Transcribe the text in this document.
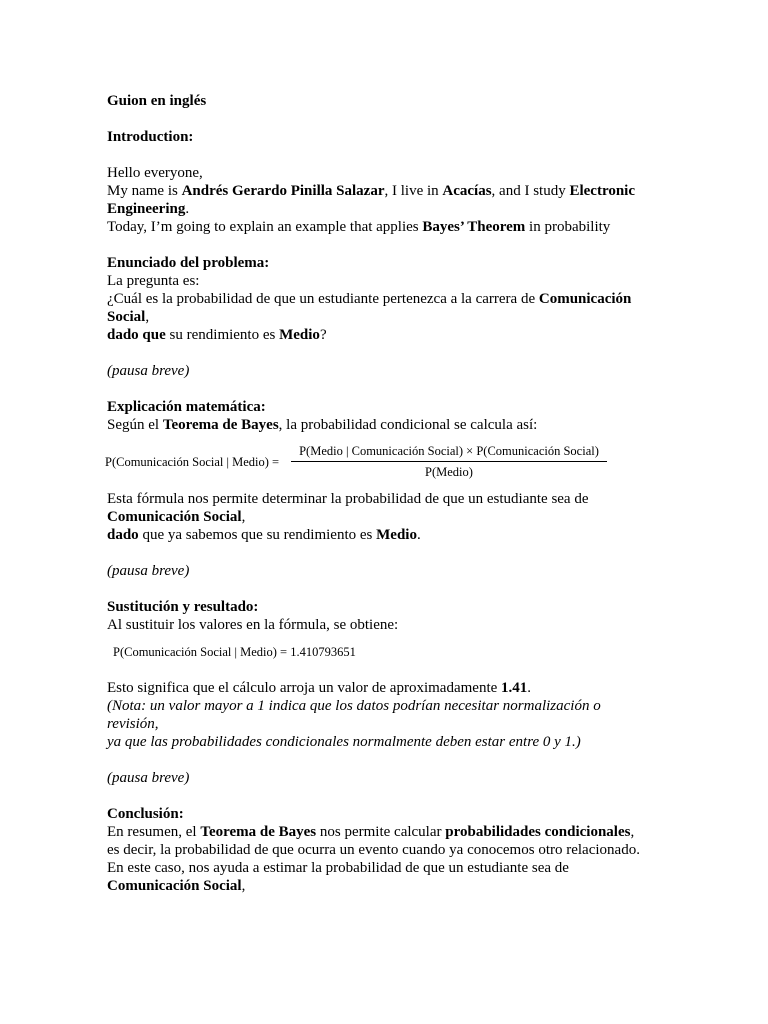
Guion en inglés
Introduction:
Hello everyone,
My name is Andrés Gerardo Pinilla Salazar, I live in Acacías, and I study Electronic Engineering.
Today, I’m going to explain an example that applies Bayes’ Theorem in probability
Enunciado del problema:
La pregunta es:
¿Cuál es la probabilidad de que un estudiante pertenezca a la carrera de Comunicación Social,
dado que su rendimiento es Medio?
(pausa breve)
Explicación matemática:
Según el Teorema de Bayes, la probabilidad condicional se calcula así:
P(Comunicación Social | Medio) =
P(Medio | Comunicación Social) × P(Comunicación Social)
P(Medio)
Esta fórmula nos permite determinar la probabilidad de que un estudiante sea de
Comunicación Social,
dado que ya sabemos que su rendimiento es Medio.
(pausa breve)
Sustitución y resultado:
Al sustituir los valores en la fórmula, se obtiene:
P(Comunicación Social | Medio) = 1.410793651
Esto significa que el cálculo arroja un valor de aproximadamente 1.41.
(Nota: un valor mayor a 1 indica que los datos podrían necesitar normalización o revisión,
ya que las probabilidades condicionales normalmente deben estar entre 0 y 1.)
(pausa breve)
Conclusión:
En resumen, el Teorema de Bayes nos permite calcular probabilidades condicionales,
es decir, la probabilidad de que ocurra un evento cuando ya conocemos otro relacionado.
En este caso, nos ayuda a estimar la probabilidad de que un estudiante sea de
Comunicación Social,
